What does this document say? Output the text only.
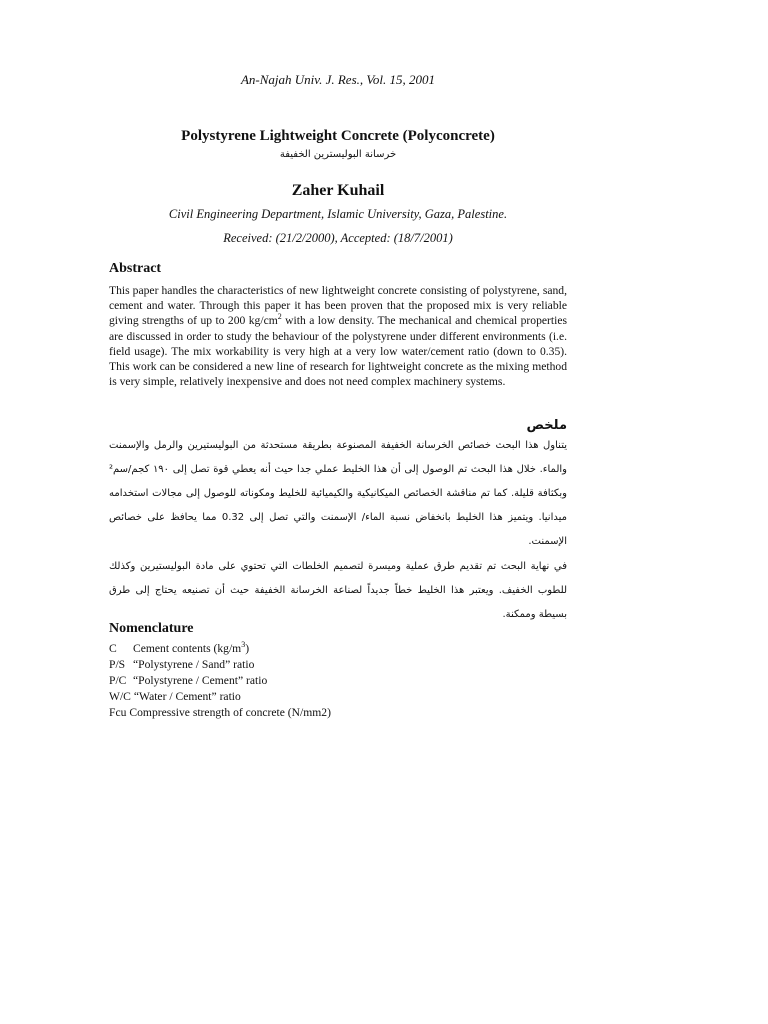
An-Najah Univ. J. Res., Vol. 15, 2001
Polystyrene Lightweight Concrete (Polyconcrete)
خرسانة البوليسترين الخفيفة
Zaher Kuhail
Civil Engineering Department, Islamic University, Gaza, Palestine.
Received: (21/2/2000), Accepted: (18/7/2001)
Abstract
This paper handles the characteristics of new lightweight concrete consisting of polystyrene, sand, cement and water. Through this paper it has been proven that the proposed mix is very reliable giving strengths of up to 200 $kg/cm^2$ with a low density. The mechanical and chemical properties are discussed in order to study the behaviour of the polystyrene under different environments (i.e. field usage). The mix workability is very high at a very low water/cement ratio (down to 0.35). This work can be considered a new line of research for lightweight concrete as the mixing method is very simple, relatively inexpensive and does not need complex machinery systems.
ملخص
يتناول هذا البحث خصائص الخرسانة الخفيفة المصنوعة بطريقة مستحدثة من البوليستيرين والرمل والإسمنت والماء. خلال هذا البحث تم الوصول إلى أن هذا الخليط عملي جدا حيث أنه يعطي قوة تصل إلى ١٩٠ كجم/سم² وبكثافة قليلة. كما تم مناقشة الخصائص الميكانيكية والكيميائية للخليط ومكوناته للوصول إلى مجالات استخدامه ميدانيا. ويتميز هذا الخليط بانخفاض نسبة الماء/ الإسمنت والتي تصل إلى 0.32 مما يحافظ على خصائص الإسمنت.
في نهاية البحث تم تقديم طرق عملية وميسرة لتصميم الخلطات التي تحتوي على مادة البوليستيرين وكذلك للطوب الخفيف. ويعتبر هذا الخليط خطاً جديداً لصناعة الخرسانة الخفيفة حيث أن تصنيعه يحتاج إلى طرق بسيطة وممكنة.
Nomenclature
C Cement contents $(kg/m^3)$
P/S “Polystyrene / Sand” ratio
P/C “Polystyrene / Cement” ratio
W/C “Water / Cement” ratio
Fcu Compressive strength of concrete (N/mm2)
